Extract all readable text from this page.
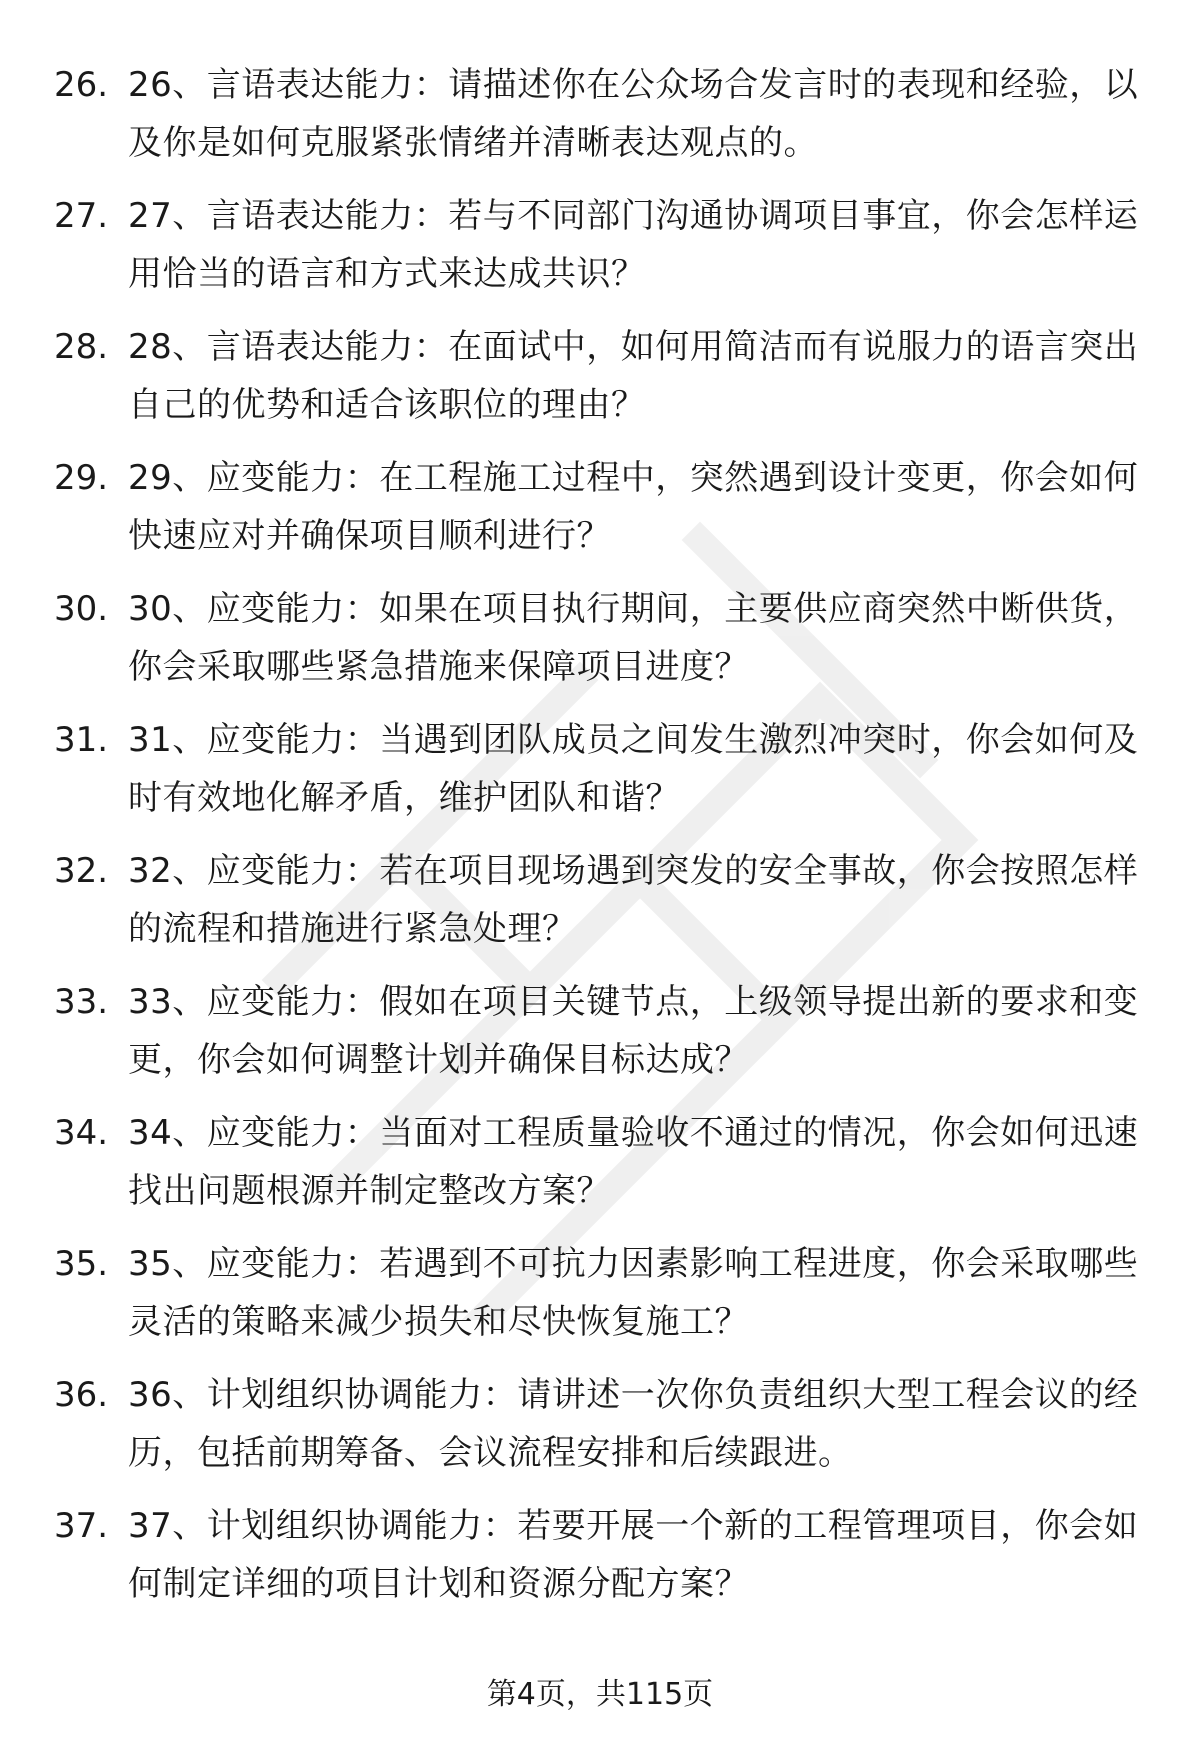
26. 26、言语表达能力：请描述你在公众场合发言时的表现和经验，以及你是如何克服紧张情绪并清晰表达观点的。
27. 27、言语表达能力：若与不同部门沟通协调项目事宜，你会怎样运用恰当的语言和方式来达成共识？
28. 28、言语表达能力：在面试中，如何用简洁而有说服力的语言突出自己的优势和适合该职位的理由？
29. 29、应变能力：在工程施工过程中，突然遇到设计变更，你会如何快速应对并确保项目顺利进行？
30. 30、应变能力：如果在项目执行期间，主要供应商突然中断供货，你会采取哪些紧急措施来保障项目进度？
31. 31、应变能力：当遇到团队成员之间发生激烈冲突时，你会如何及时有效地化解矛盾，维护团队和谐？
32. 32、应变能力：若在项目现场遇到突发的安全事故，你会按照怎样的流程和措施进行紧急处理？
33. 33、应变能力：假如在项目关键节点，上级领导提出新的要求和变更，你会如何调整计划并确保目标达成？
34. 34、应变能力：当面对工程质量验收不通过的情况，你会如何迅速找出问题根源并制定整改方案？
35. 35、应变能力：若遇到不可抗力因素影响工程进度，你会采取哪些灵活的策略来减少损失和尽快恢复施工？
36. 36、计划组织协调能力：请讲述一次你负责组织大型工程会议的经历，包括前期筹备、会议流程安排和后续跟进。
37. 37、计划组织协调能力：若要开展一个新的工程管理项目，你会如何制定详细的项目计划和资源分配方案？
第4页，共115页
